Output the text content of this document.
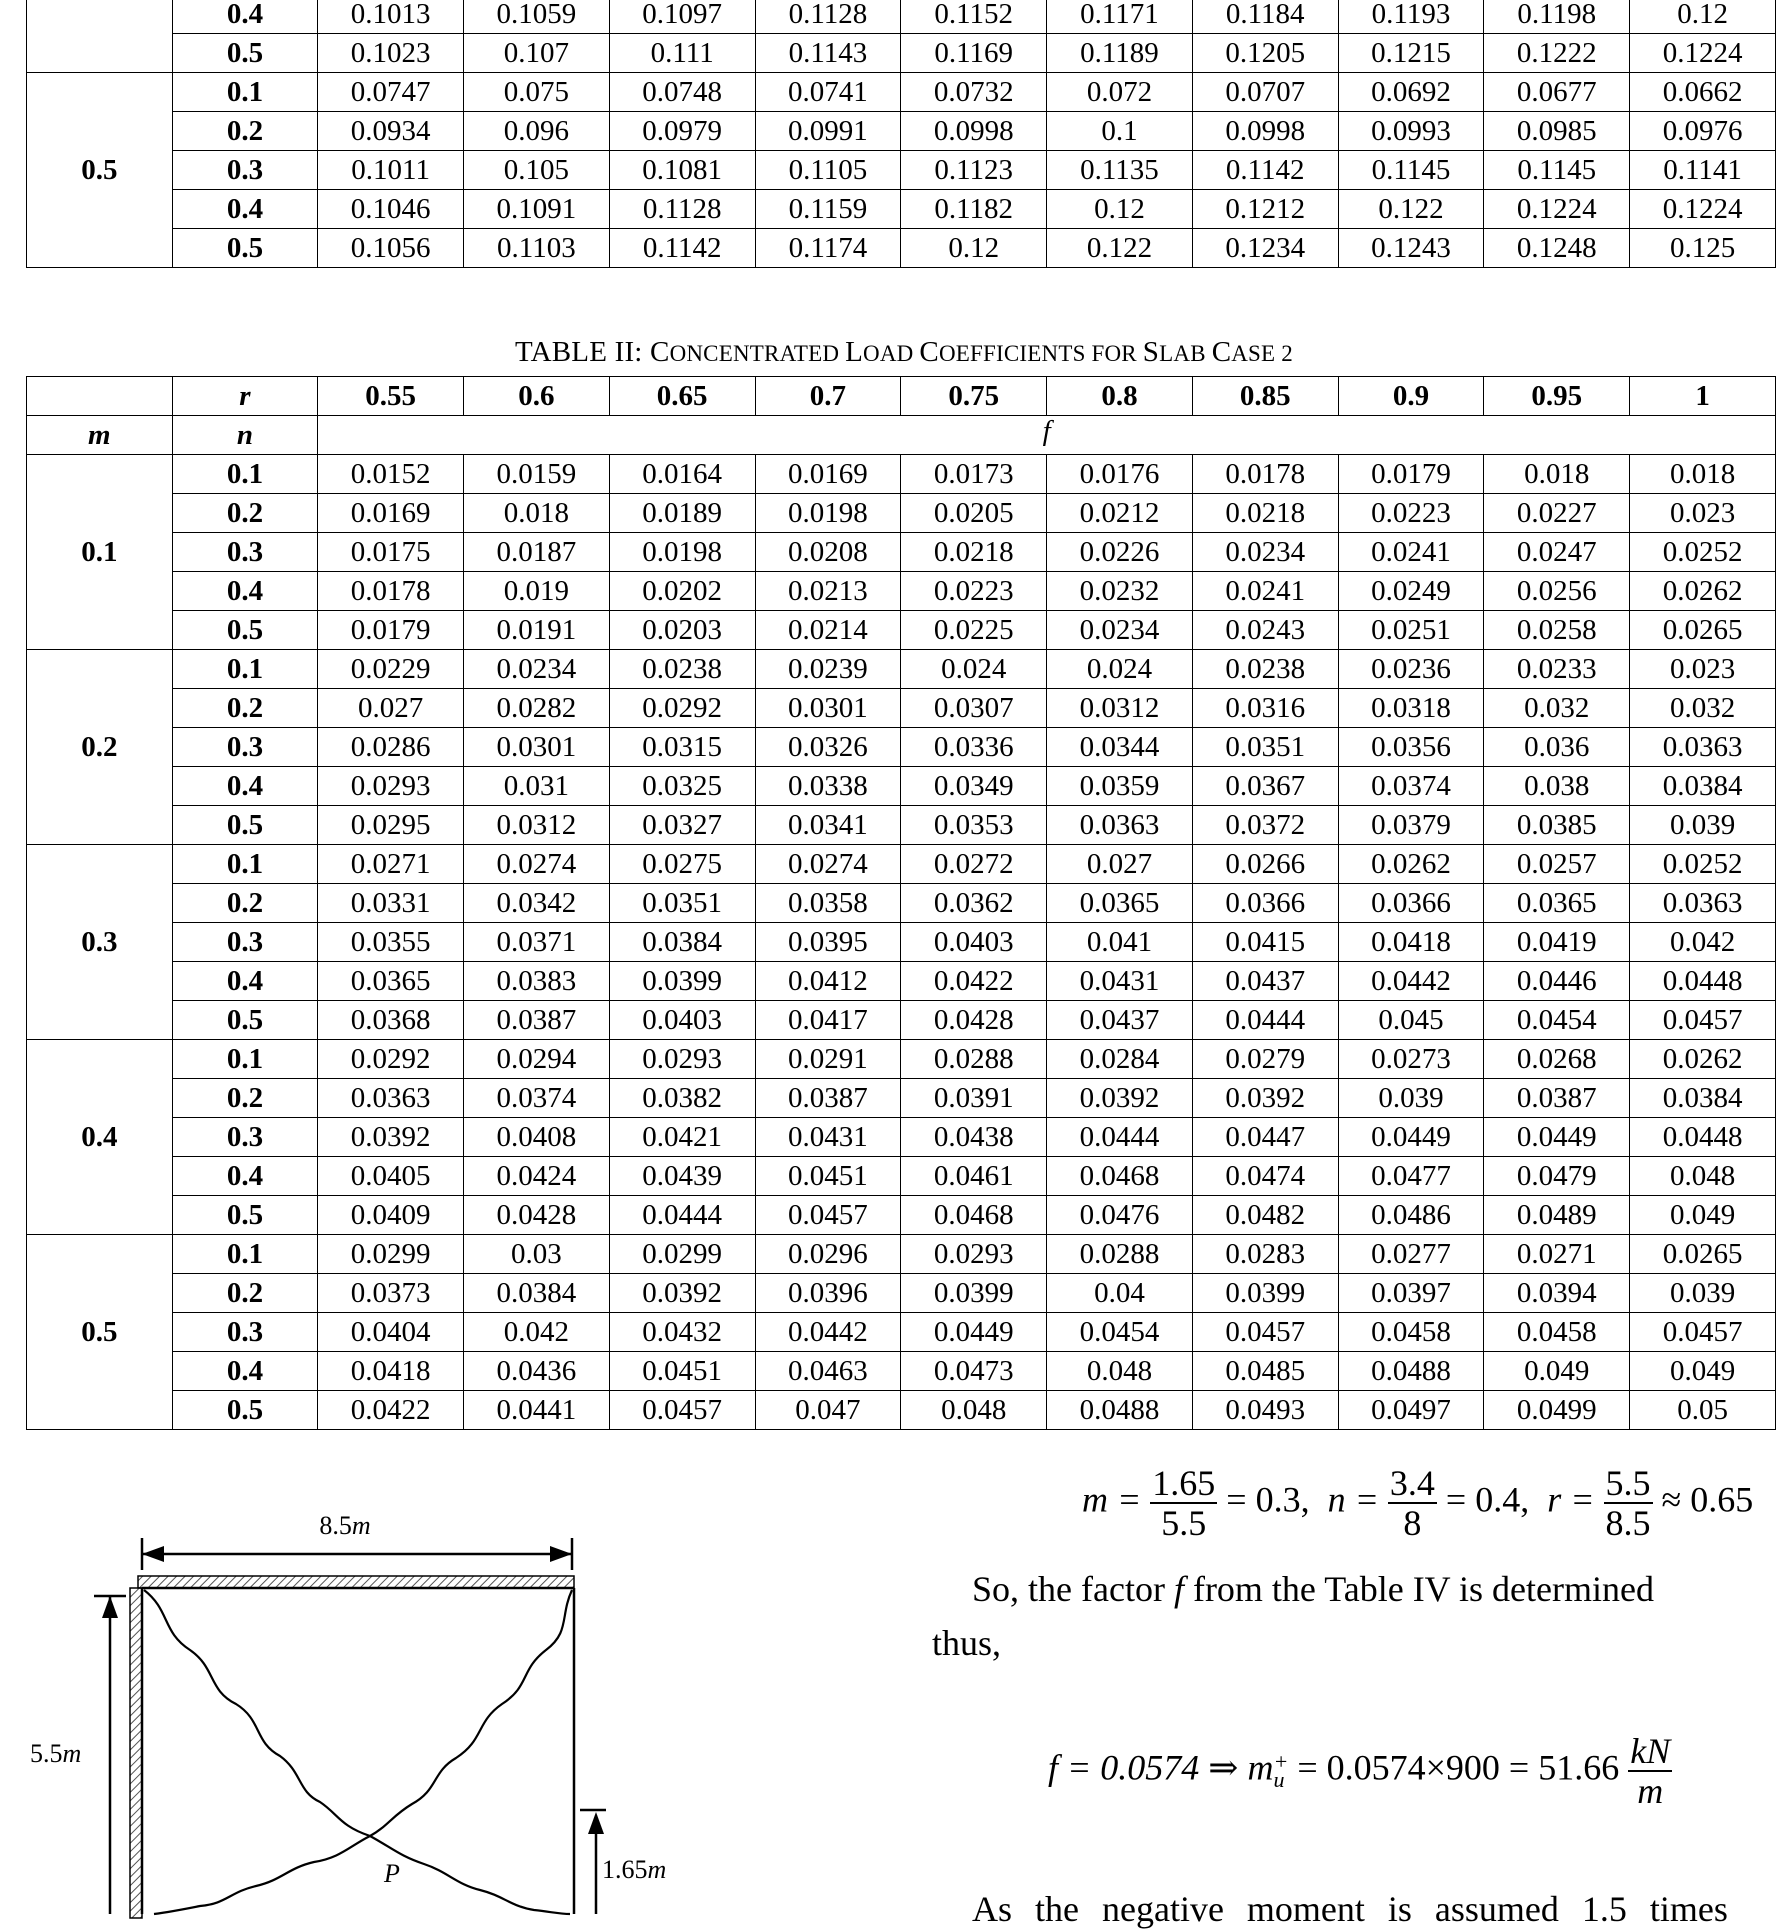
	0.4	0.1013	0.1059	0.1097	0.1128	0.1152	0.1171	0.1184	0.1193	0.1198	0.12
	0.5	0.1023	0.107	0.111	0.1143	0.1169	0.1189	0.1205	0.1215	0.1222	0.1224
0.5	0.1	0.0747	0.075	0.0748	0.0741	0.0732	0.072	0.0707	0.0692	0.0677	0.0662
	0.2	0.0934	0.096	0.0979	0.0991	0.0998	0.1	0.0998	0.0993	0.0985	0.0976
	0.3	0.1011	0.105	0.1081	0.1105	0.1123	0.1135	0.1142	0.1145	0.1145	0.1141
	0.4	0.1046	0.1091	0.1128	0.1159	0.1182	0.12	0.1212	0.122	0.1224	0.1224
	0.5	0.1056	0.1103	0.1142	0.1174	0.12	0.122	0.1234	0.1243	0.1248	0.125
TABLE II: CONCENTRATED LOAD COEFFICIENTS FOR SLAB CASE 2
	r	0.55	0.6	0.65	0.7	0.75	0.8	0.85	0.9	0.95	1
m	n	f									
0.1	0.1	0.0152	0.0159	0.0164	0.0169	0.0173	0.0176	0.0178	0.0179	0.018	0.018
	0.2	0.0169	0.018	0.0189	0.0198	0.0205	0.0212	0.0218	0.0223	0.0227	0.023
	0.3	0.0175	0.0187	0.0198	0.0208	0.0218	0.0226	0.0234	0.0241	0.0247	0.0252
	0.4	0.0178	0.019	0.0202	0.0213	0.0223	0.0232	0.0241	0.0249	0.0256	0.0262
	0.5	0.0179	0.0191	0.0203	0.0214	0.0225	0.0234	0.0243	0.0251	0.0258	0.0265
0.2	0.1	0.0229	0.0234	0.0238	0.0239	0.024	0.024	0.0238	0.0236	0.0233	0.023
	0.2	0.027	0.0282	0.0292	0.0301	0.0307	0.0312	0.0316	0.0318	0.032	0.032
	0.3	0.0286	0.0301	0.0315	0.0326	0.0336	0.0344	0.0351	0.0356	0.036	0.0363
	0.4	0.0293	0.031	0.0325	0.0338	0.0349	0.0359	0.0367	0.0374	0.038	0.0384
	0.5	0.0295	0.0312	0.0327	0.0341	0.0353	0.0363	0.0372	0.0379	0.0385	0.039
0.3	0.1	0.0271	0.0274	0.0275	0.0274	0.0272	0.027	0.0266	0.0262	0.0257	0.0252
	0.2	0.0331	0.0342	0.0351	0.0358	0.0362	0.0365	0.0366	0.0366	0.0365	0.0363
	0.3	0.0355	0.0371	0.0384	0.0395	0.0403	0.041	0.0415	0.0418	0.0419	0.042
	0.4	0.0365	0.0383	0.0399	0.0412	0.0422	0.0431	0.0437	0.0442	0.0446	0.0448
	0.5	0.0368	0.0387	0.0403	0.0417	0.0428	0.0437	0.0444	0.045	0.0454	0.0457
0.4	0.1	0.0292	0.0294	0.0293	0.0291	0.0288	0.0284	0.0279	0.0273	0.0268	0.0262
	0.2	0.0363	0.0374	0.0382	0.0387	0.0391	0.0392	0.0392	0.039	0.0387	0.0384
	0.3	0.0392	0.0408	0.0421	0.0431	0.0438	0.0444	0.0447	0.0449	0.0449	0.0448
	0.4	0.0405	0.0424	0.0439	0.0451	0.0461	0.0468	0.0474	0.0477	0.0479	0.048
	0.5	0.0409	0.0428	0.0444	0.0457	0.0468	0.0476	0.0482	0.0486	0.0489	0.049
0.5	0.1	0.0299	0.03	0.0299	0.0296	0.0293	0.0288	0.0283	0.0277	0.0271	0.0265
	0.2	0.0373	0.0384	0.0392	0.0396	0.0399	0.04	0.0399	0.0397	0.0394	0.039
	0.3	0.0404	0.042	0.0432	0.0442	0.0449	0.0454	0.0457	0.0458	0.0458	0.0457
	0.4	0.0418	0.0436	0.0451	0.0463	0.0473	0.048	0.0485	0.0488	0.049	0.049
	0.5	0.0422	0.0441	0.0457	0.047	0.048	0.0488	0.0493	0.0497	0.0499	0.05
8.5m
5.5m
1.65m
P
$m = \frac{1.65}{5.5} = 0.3$, $n = \frac{3.4}{8} = 0.4$, $r = \frac{5.5}{8.5} \approx 0.65$
So, the factor f from the Table IV is determined
thus,
f = 0.0574 ⇒ m +
$u = 0.0574\times 900 = 51.66 \frac{kN}{m}$
As the negative moment is assumed 1.5 times
